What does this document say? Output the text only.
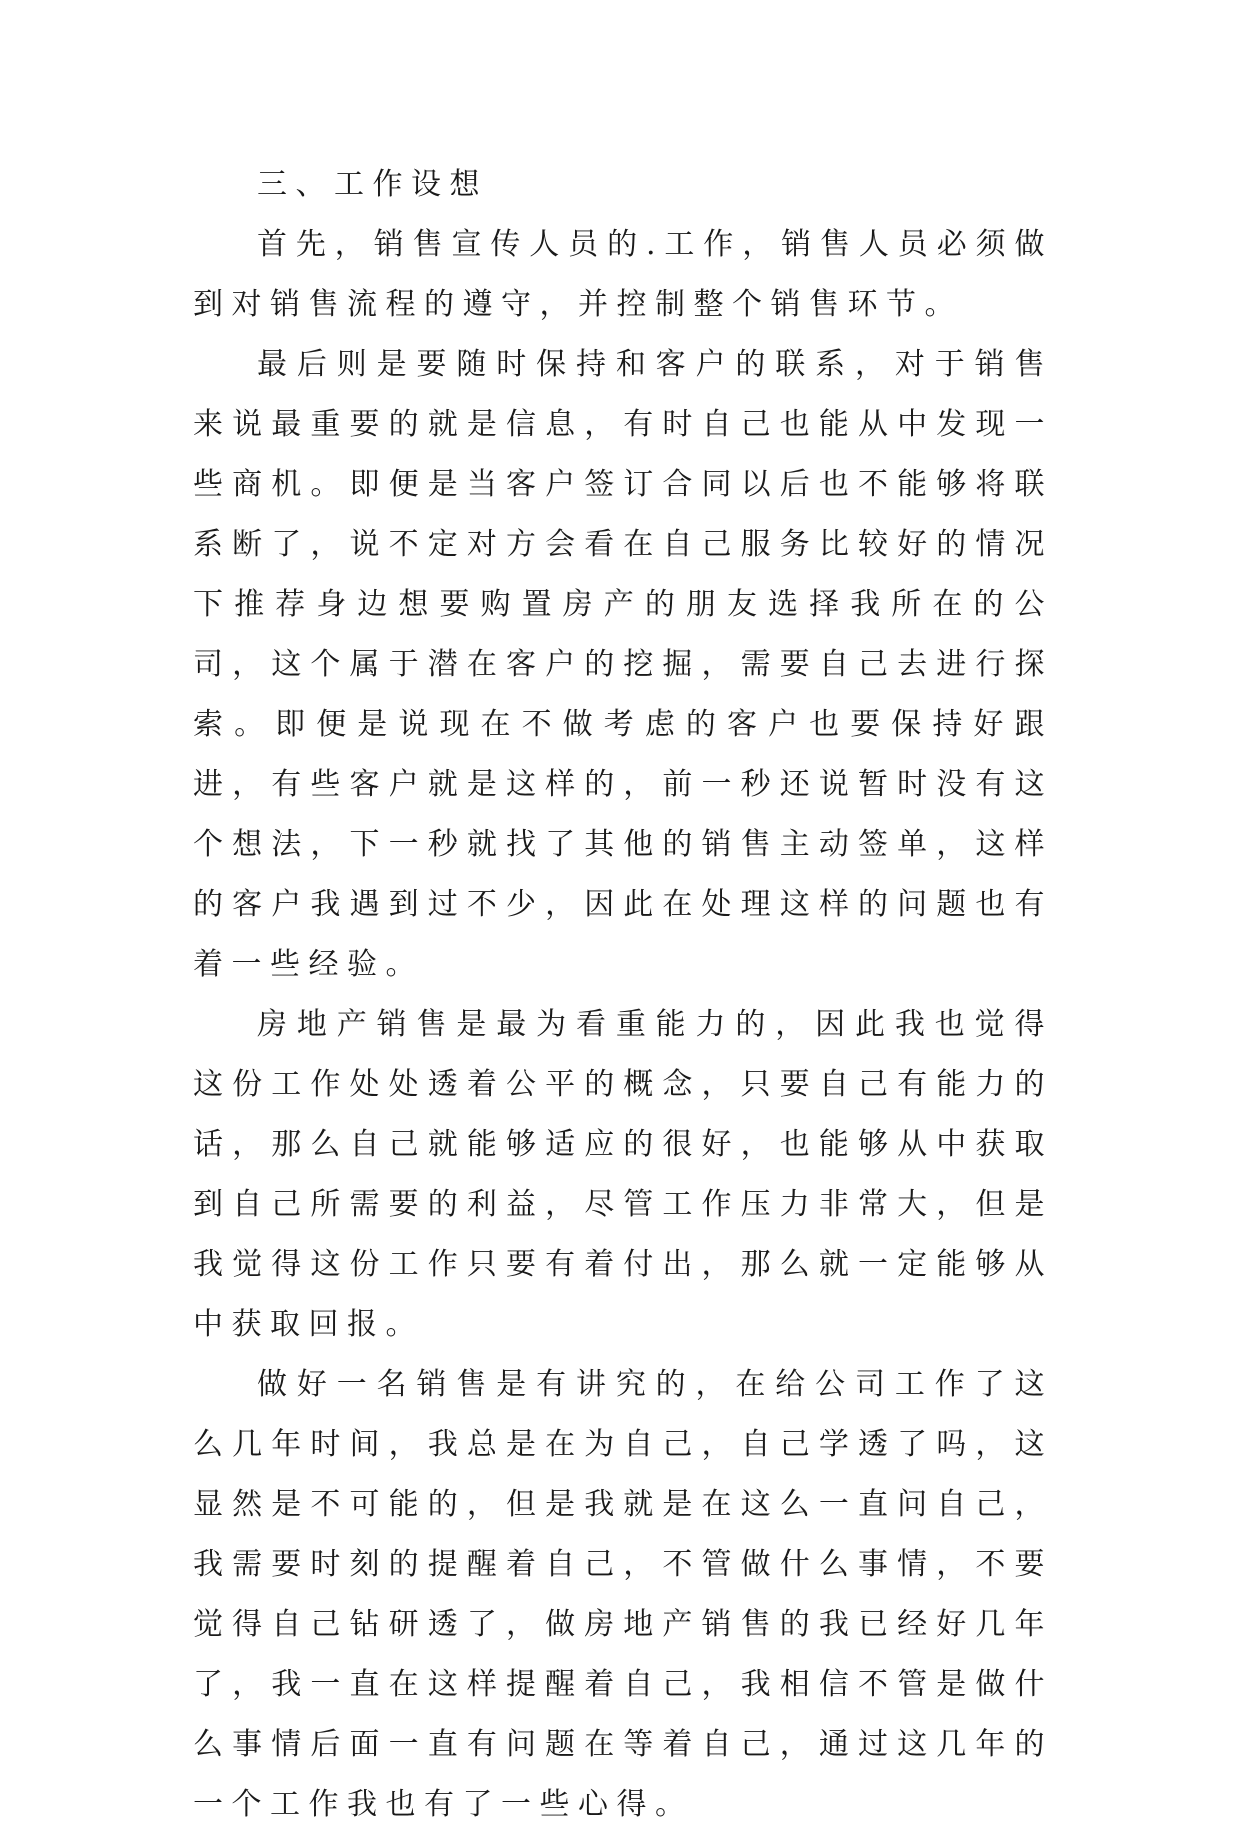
三、工作设想

首先，销售宣传人员的.工作，销售人员必须做到对销售流程的遵守，并控制整个销售环节。

最后则是要随时保持和客户的联系，对于销售来说最重要的就是信息，有时自己也能从中发现一些商机。即便是当客户签订合同以后也不能够将联系断了，说不定对方会看在自己服务比较好的情况下推荐身边想要购置房产的朋友选择我所在的公司，这个属于潜在客户的挖掘，需要自己去进行探索。即便是说现在不做考虑的客户也要保持好跟进，有些客户就是这样的，前一秒还说暂时没有这个想法，下一秒就找了其他的销售主动签单，这样的客户我遇到过不少，因此在处理这样的问题也有着一些经验。

房地产销售是最为看重能力的，因此我也觉得这份工作处处透着公平的概念，只要自己有能力的话，那么自己就能够适应的很好，也能够从中获取到自己所需要的利益，尽管工作压力非常大，但是我觉得这份工作只要有着付出，那么就一定能够从中获取回报。

做好一名销售是有讲究的，在给公司工作了这么几年时间，我总是在为自己，自己学透了吗，这显然是不可能的，但是我就是在这么一直问自己，我需要时刻的提醒着自己，不管做什么事情，不要觉得自己钻研透了，做房地产销售的我已经好几年了，我一直在这样提醒着自己，我相信不管是做什么事情后面一直有问题在等着自己，通过这几年的一个工作我也有了一些心得。
